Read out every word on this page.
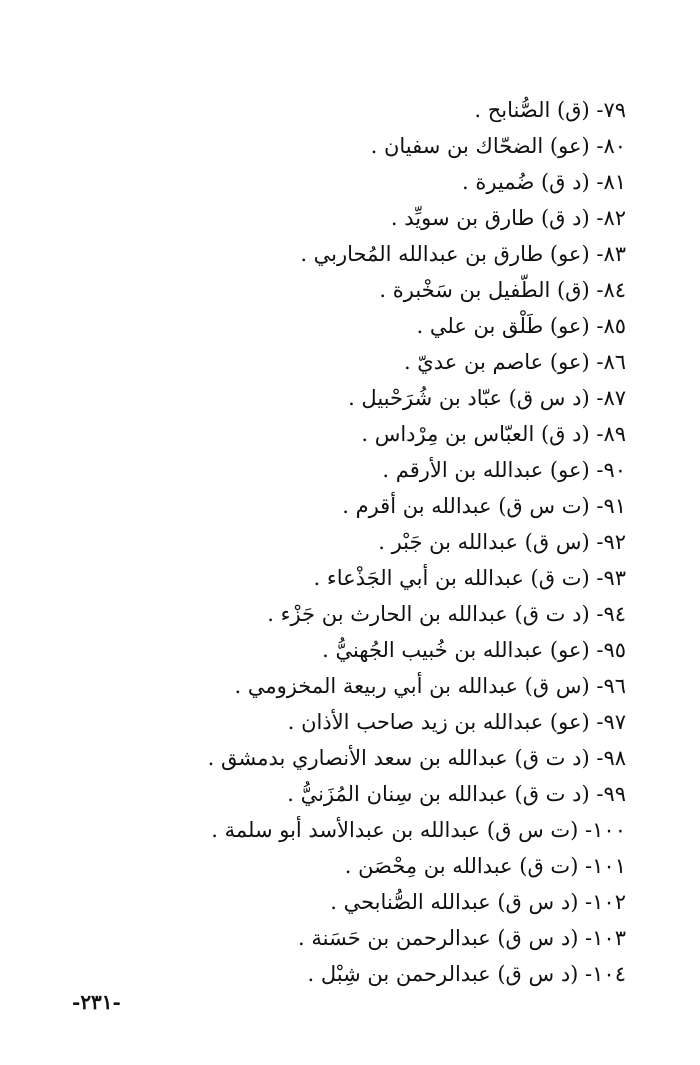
٧٩- (ق) الصُّنابح .
٨٠- (عو) الضحّاك بن سفيان .
٨١- (د ق) ضُميرة .
٨٢- (د ق) طارق بن سويِّد .
٨٣- (عو) طارق بن عبدالله المُحاربي .
٨٤- (ق) الطّفيل بن سَخْبرة .
٨٥- (عو) طَلْق بن علي .
٨٦- (عو) عاصم بن عديّ .
٨٧- (د س ق) عبّاد بن شُرَحْبيل .
٨٩- (د ق) العبّاس بن مِرْداس .
٩٠- (عو) عبدالله بن الأرقم .
٩١- (ت س ق) عبدالله بن أقرم .
٩٢- (س ق) عبدالله بن جَبْر .
٩٣- (ت ق) عبدالله بن أبي الجَذْعاء .
٩٤- (د ت ق) عبدالله بن الحارث بن جَزْء .
٩٥- (عو) عبدالله بن خُبيب الجُهنيُّ .
٩٦- (س ق) عبدالله بن أبي ربيعة المخزومي .
٩٧- (عو) عبدالله بن زيد صاحب الأذان .
٩٨- (د ت ق) عبدالله بن سعد الأنصاري بدمشق .
٩٩- (د ت ق) عبدالله بن سِنان المُزَنيُّ .
١٠٠- (ت س ق) عبدالله بن عبدالأسد أبو سلمة .
١٠١- (ت ق) عبدالله بن مِحْصَن .
١٠٢- (د س ق) عبدالله الصُّنابحي .
١٠٣- (د س ق) عبدالرحمن بن حَسَنة .
١٠٤- (د س ق) عبدالرحمن بن شِبْل .
-٢٣١-
